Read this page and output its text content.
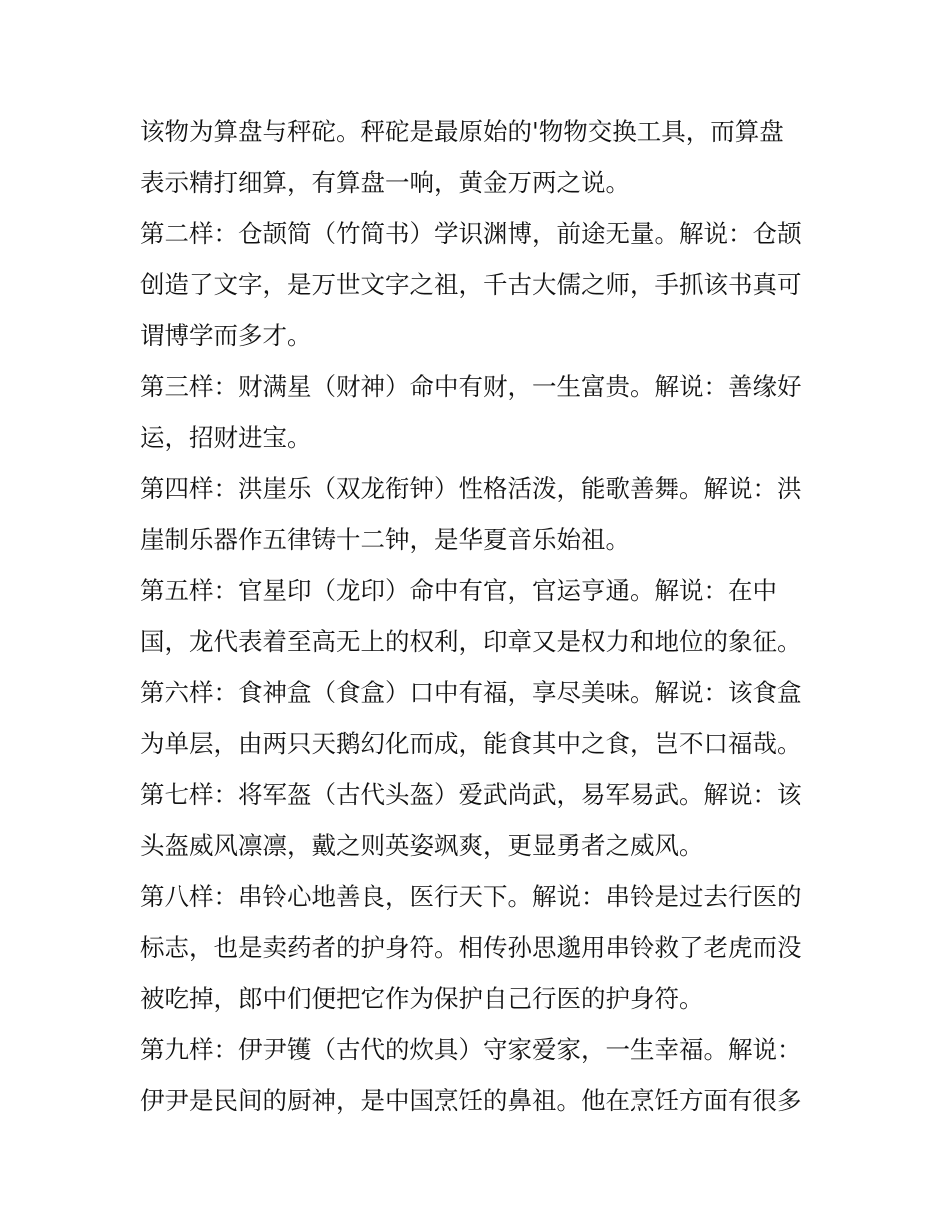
该物为算盘与秤砣。秤砣是最原始的'物物交换工具，而算盘
表示精打细算，有算盘一响，黄金万两之说。
第二样：仓颉简（竹简书）学识渊博，前途无量。解说：仓颉
创造了文字，是万世文字之祖，千古大儒之师，手抓该书真可
谓博学而多才。
第三样：财满星（财神）命中有财，一生富贵。解说：善缘好
运，招财进宝。
第四样：洪崖乐（双龙衔钟）性格活泼，能歌善舞。解说：洪
崖制乐器作五律铸十二钟，是华夏音乐始祖。
第五样：官星印（龙印）命中有官，官运亨通。解说：在中
国，龙代表着至高无上的权利，印章又是权力和地位的象征。
第六样：食神盒（食盒）口中有福，享尽美味。解说：该食盒
为单层，由两只天鹅幻化而成，能食其中之食，岂不口福哉。
第七样：将军盔（古代头盔）爱武尚武，易军易武。解说：该
头盔威风凛凛，戴之则英姿飒爽，更显勇者之威风。
第八样：串铃心地善良，医行天下。解说：串铃是过去行医的
标志，也是卖药者的护身符。相传孙思邈用串铃救了老虎而没
被吃掉，郎中们便把它作为保护自己行医的护身符。
第九样：伊尹镬（古代的炊具）守家爱家，一生幸福。解说：
伊尹是民间的厨神，是中国烹饪的鼻祖。他在烹饪方面有很多
